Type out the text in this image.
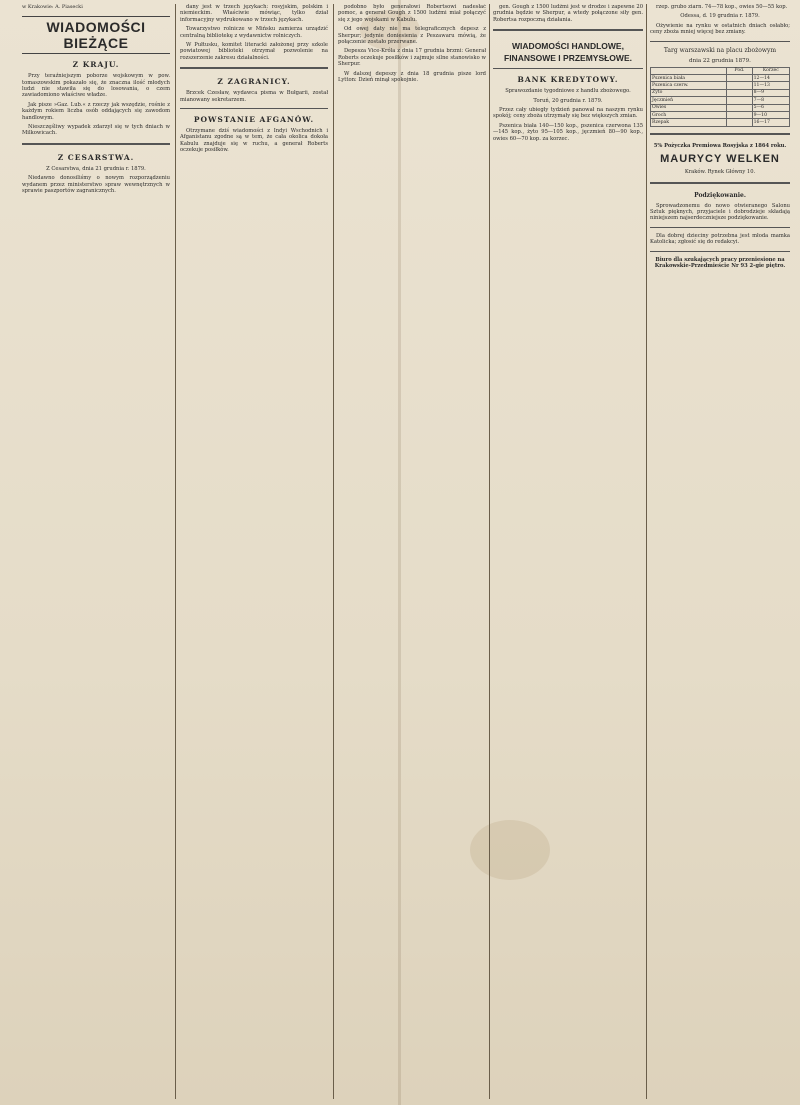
w Krakowie: A. Piasecki

WIADOMOŚCI BIEŻĄCE
Z KRAJU.

Przy teraźniejszym poborze wojskowym w pow. tomaszowskim pokazało się, że znaczna ilość młodych ludzi nie stawiła się do losowania, o czem zawiadomiono właściwe władze.

Jak pisze »Gaz. Lub.« z rzeczy jak wszędzie, rośnie z każdym rokiem liczba osób oddających się zawodom handlowym.

Nieszczęśliwy wypadek zdarzył się w tych dniach w Milkowicach.

Z CESARSTWA.

Z Cesarstwa, dnia 21 grudnia r. 1879.

Niedawno donosiliśmy o nowym rozporządzeniu wydanem przez ministerstwo spraw wewnętrznych w sprawie paszportów zagranicznych.

dany jest w trzech językach: rosyjskim, polskim i niemieckim. Właściwie mówiąc, tylko dział informacyjny wydrukowano w trzech językach.

Towarzystwo rolnicze w Mińsku zamierza urządzić centralną bibliotekę z wydawnictw rolniczych.

W Pułtusku, komitet literacki założonej przy szkole powiatowej biblioteki otrzymał pozwolenie na rozszerzenie zakresu działalności.

Z ZAGRANICY.

Brzcek Czesław, wydawca pisma w Bułgarii, został mianowany sekretarzem.

POWSTANIE AFGANÓW.

Otrzymane dziś wiadomości z Indyi Wschodnich i Afganistanu zgodne są w tem, że cała okolica dokoła Kabulu znajduje się w ruchu, a generał Roberts oczekuje posiłków.

podobno było generałowi Robertsowi nadesłać pomoc, a generał Gough z 1500 ludźmi miał połączyć się z jego wojskami w Kabulu.

Od owej daty nie ma telegraficznych depesz z Sherpur; jedynie doniesienia z Peszawaru mówią, że połączenie zostało przerwane.

Depesza Vice-Króla z dnia 17 grudnia brzmi: Generał Roberts oczekuje posiłków i zajmuje silne stanowisko w Sherpur.

W dalszej depeszy z dnia 18 grudnia pisze lord Lytton: Dzień minął spokojnie.

gen. Gough z 1500 ludźmi jest w drodze i zapewne 20 grudnia będzie w Sherpur, a wtedy połączone siły gen. Robertsa rozpoczną działania.

WIADOMOŚCI HANDLOWE,
FINANSOWE I PRZEMYSŁOWE.
BANK KREDYTOWY.

Sprawozdanie tygodniowe z handlu zbożowego.

Toruń, 20 grudnia r. 1879.

Przez cały ubiegły tydzień panował na naszym rynku spokój; ceny zboża utrzymały się bez większych zmian.

Pszenica biała 140—150 kop., pszenica czerwona 135—145 kop., żyto 95—105 kop., jęczmień 80—90 kop., owies 60—70 kop. za korzec.

rzep. grubo ziarn. 74—78 kop., owies 50—55 kop.

Odessa, d. 19 grudnia r. 1879.

Ożywienie na rynku w ostatnich dniach osłabło; ceny zboża mniej więcej bez zmiany.

Targ warszawski na placu zbożowym
dnia 22 grudnia 1879.
	Pod.	Korzec
Pszenica biała		12—14
Pszenica czerw.		11—13
Żyto		8—9
Jęczmień		7—8
Owies		5—6
Groch		9—10
Rzepak		16—17

5% Pożyczka Premiowa Rosyjska z 1864 roku.

MAURYCY WELKEN

Kraków. Rynek Główny 10.

Podziękowanie.

Sprowadzonemu do nowo otwieranego Salonu Sztuk pięknych, przyjaciele i dobrodzieje składają niniejszem najserdeczniejsze podziękowanie.

Dla dobrej dzieciny potrzebna jest młoda mamka Katolicka; zgłosić się do redakcyi.

Biuro dla szukających pracy przeniesione na Krakowskie-Przedmieście Nr 93 2-gie piętro.
